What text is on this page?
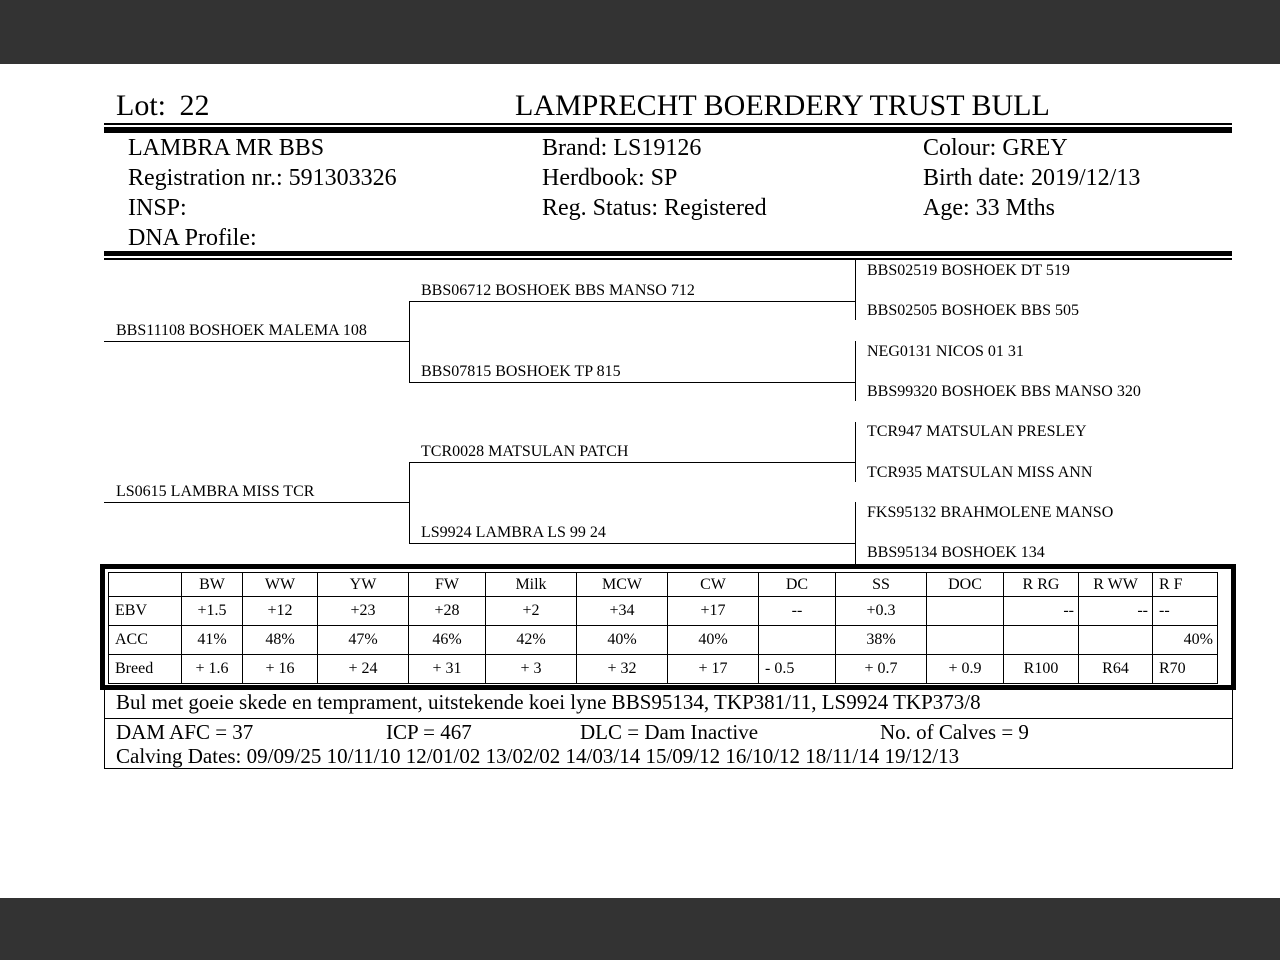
Lot: 22	LAMPRECHT BOERDERY TRUST BULL
LAMBRA MR BBS
Registration nr.: 591303326
INSP:
DNA Profile:
Brand: LS19126
Herdbook: SP
Reg. Status: Registered
Colour: GREY
Birth date: 2019/12/13
Age: 33 Mths
BBS11108 BOSHOEK MALEMA 108
LS0615 LAMBRA MISS TCR
BBS06712 BOSHOEK BBS MANSO 712
BBS07815 BOSHOEK TP 815
TCR0028 MATSULAN PATCH
LS9924 LAMBRA LS 99 24
BBS02519 BOSHOEK DT 519
BBS02505 BOSHOEK BBS 505
NEG0131 NICOS 01 31
BBS99320 BOSHOEK BBS MANSO 320
TCR947 MATSULAN PRESLEY
TCR935 MATSULAN MISS ANN
FKS95132 BRAHMOLENE MANSO
BBS95134 BOSHOEK 134
	BW	WW	YW	FW	Milk	MCW	CW	DC	SS	DOC	R RG	R WW	R F
EBV	+1.5	+12	+23	+28	+2	+34	+17	--	+0.3		--	--	--
ACC	41%	48%	47%	46%	42%	40%	40%		38%				40%
Breed	+ 1.6	+ 16	+ 24	+ 31	+ 3	+ 32	+ 17	- 0.5	+ 0.7	+ 0.9	R100	R64	R70
Bul met goeie skede en temprament, uitstekende koei lyne BBS95134, TKP381/11, LS9924 TKP373/8
DAM AFC = 37	ICP = 467	DLC = Dam Inactive	No. of Calves = 9
Calving Dates: 09/09/25 10/11/10 12/01/02 13/02/02 14/03/14 15/09/12 16/10/12 18/11/14 19/12/13
